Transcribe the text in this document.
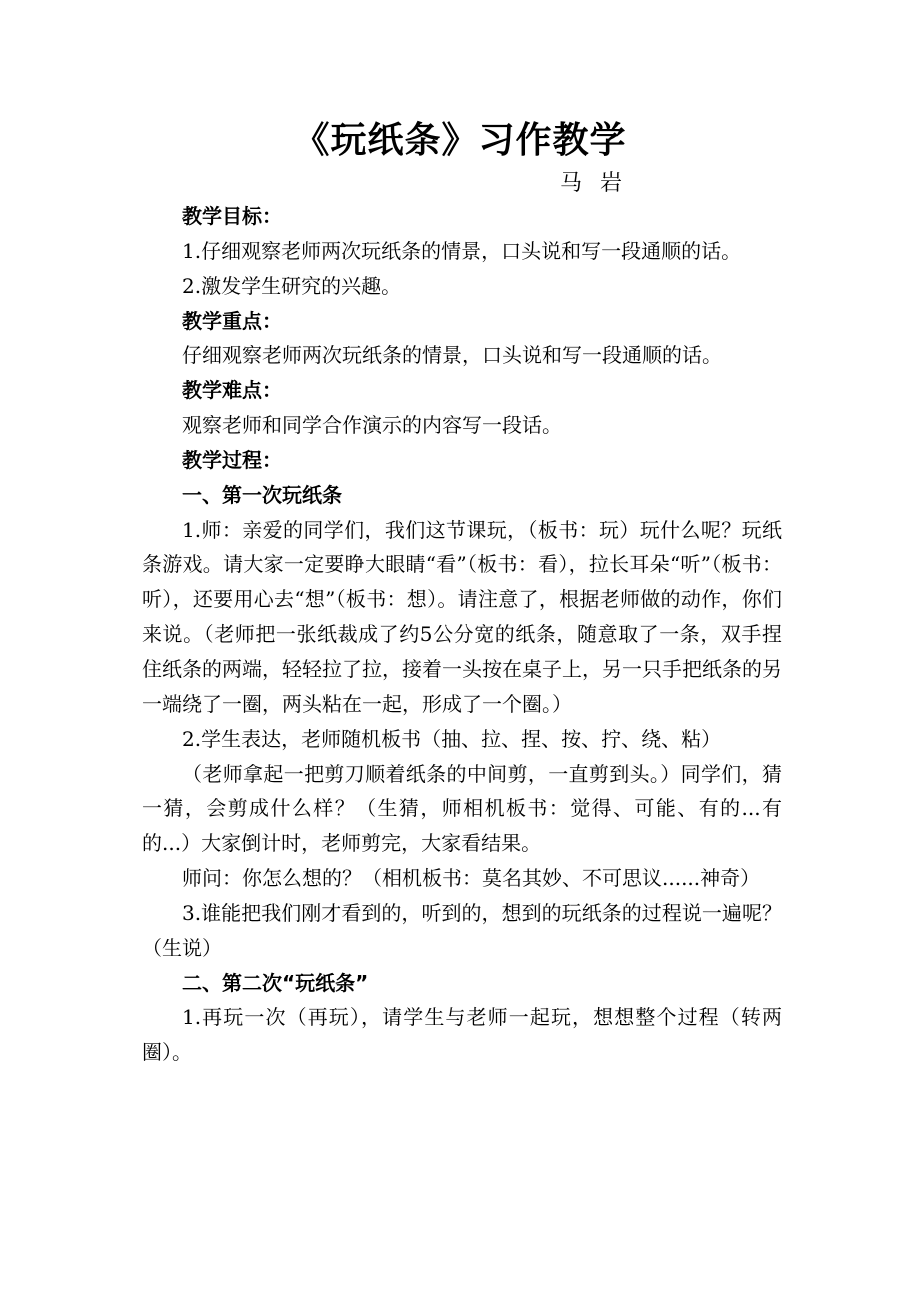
《玩纸条》习作教学

马岩

教学目标：

1.仔细观察老师两次玩纸条的情景，口头说和写一段通顺的话。

2.激发学生研究的兴趣。

教学重点：

仔细观察老师两次玩纸条的情景，口头说和写一段通顺的话。

教学难点：

观察老师和同学合作演示的内容写一段话。

教学过程：

一、第一次玩纸条

1.师：亲爱的同学们，我们这节课玩，（板书：玩）玩什么呢？玩纸条游戏。请大家一定要睁大眼睛“看”（板书：看），拉长耳朵“听”（板书：听），还要用心去“想”（板书：想）。请注意了，根据老师做的动作，你们来说。（老师把一张纸裁成了约5公分宽的纸条，随意取了一条，双手捏住纸条的两端，轻轻拉了拉，接着一头按在桌子上，另一只手把纸条的另一端绕了一圈，两头粘在一起，形成了一个圈。）

2.学生表达，老师随机板书（抽、拉、捏、按、拧、绕、粘）

（老师拿起一把剪刀顺着纸条的中间剪，一直剪到头。）同学们，猜一猜，会剪成什么样？（生猜，师相机板书：觉得、可能、有的...有的...）大家倒计时，老师剪完，大家看结果。

师问：你怎么想的？（相机板书：莫名其妙、不可思议......神奇）

3.谁能把我们刚才看到的，听到的，想到的玩纸条的过程说一遍呢？（生说）

二、第二次“玩纸条”

1.再玩一次（再玩），请学生与老师一起玩，想想整个过程（转两圈）。
